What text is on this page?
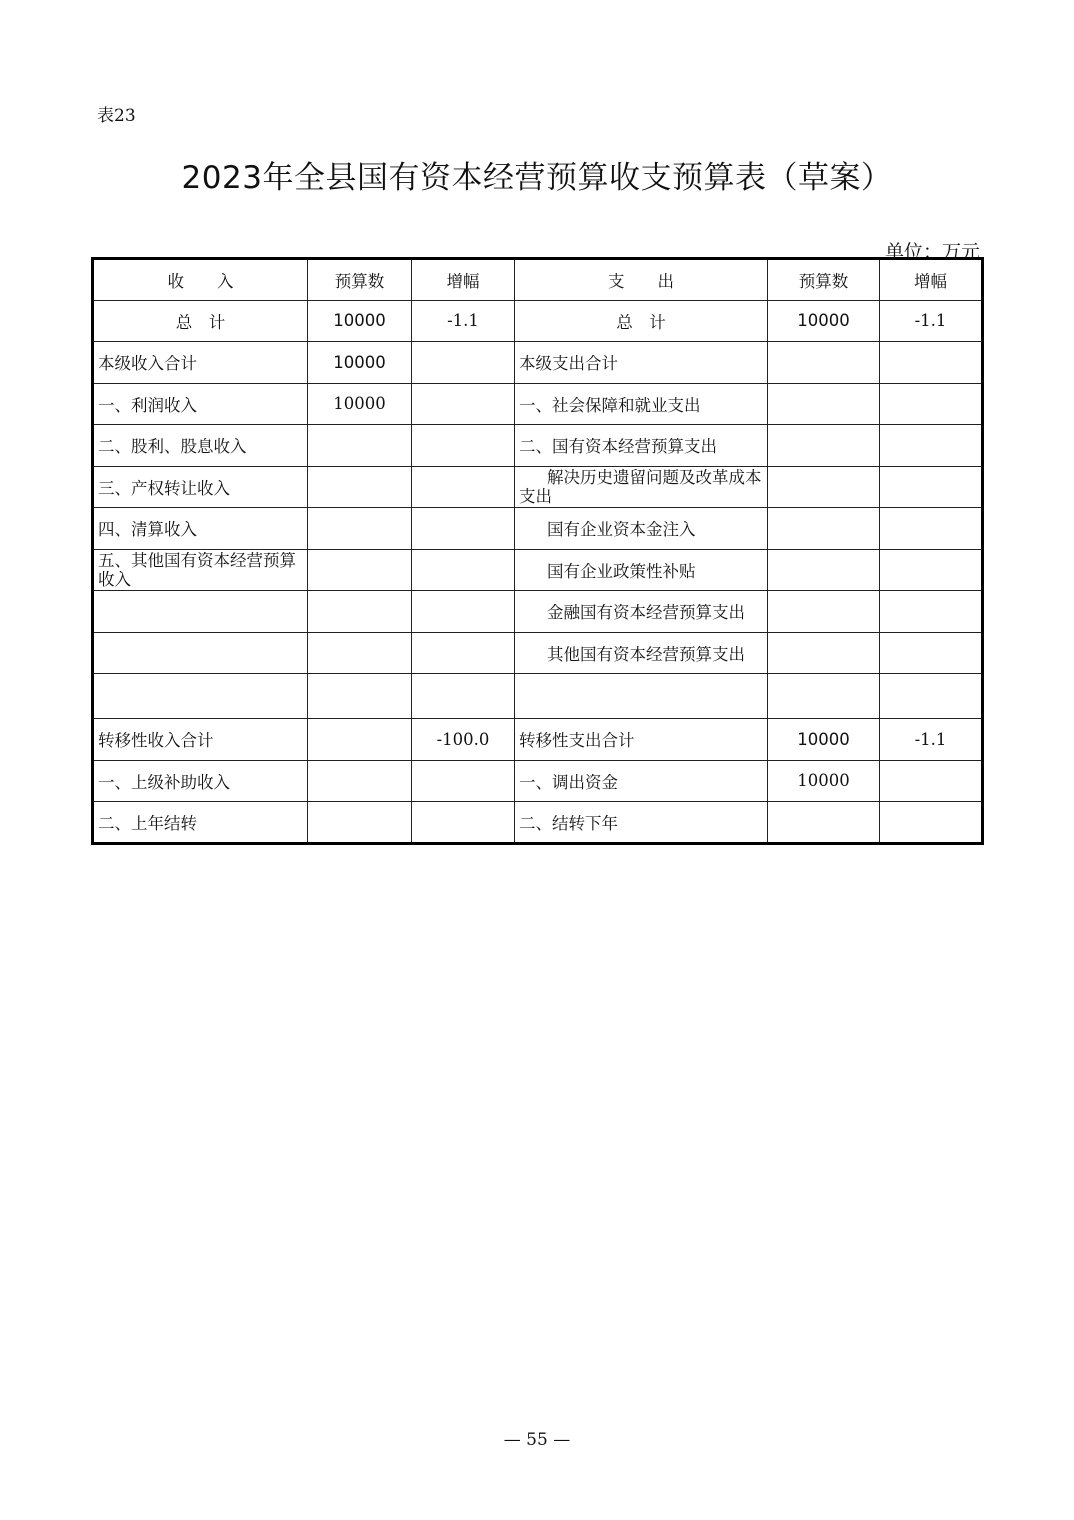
表23
2023年全县国有资本经营预算收支预算表（草案）
单位：万元
收　　入	预算数	增幅	支　　出	预算数	增幅
总　计	10000	-1.1	总　计	10000	-1.1
本级收入合计	10000		本级支出合计		
一、利润收入	10000		一、社会保障和就业支出		
二、股利、股息收入			二、国有资本经营预算支出		
三、产权转让收入			解决历史遗留问题及改革成本支出		
四、清算收入			国有企业资本金注入		
五、其他国有资本经营预算收入			国有企业政策性补贴		
			金融国有资本经营预算支出		
			其他国有资本经营预算支出		

转移性收入合计		-100.0	转移性支出合计	10000	-1.1
一、上级补助收入			一、调出资金	10000	
二、上年结转			二、结转下年		
— 55 —
